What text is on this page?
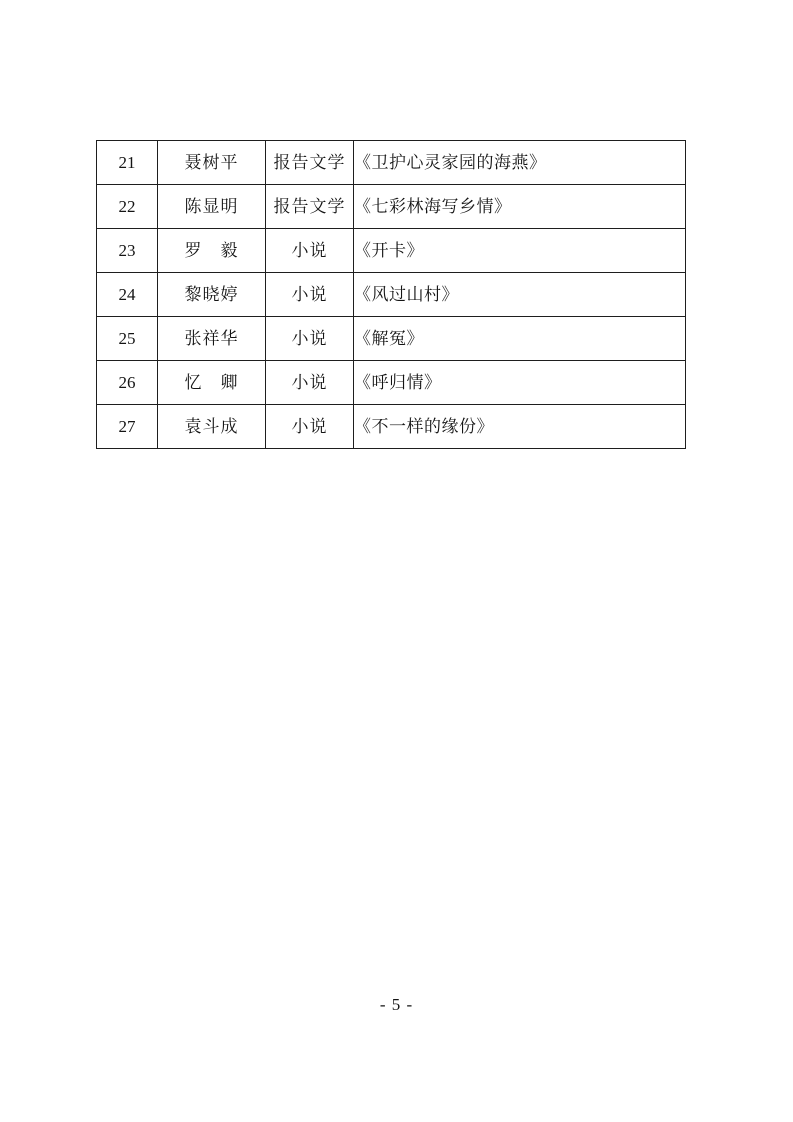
21	聂树平	报告文学	《卫护心灵家园的海燕》
22	陈显明	报告文学	《七彩林海写乡情》
23	罗　毅	小说	《开卡》
24	黎晓婷	小说	《风过山村》
25	张祥华	小说	《解冤》
26	忆　卿	小说	《呼归情》
27	袁斗成	小说	《不一样的缘份》
- 5 -
